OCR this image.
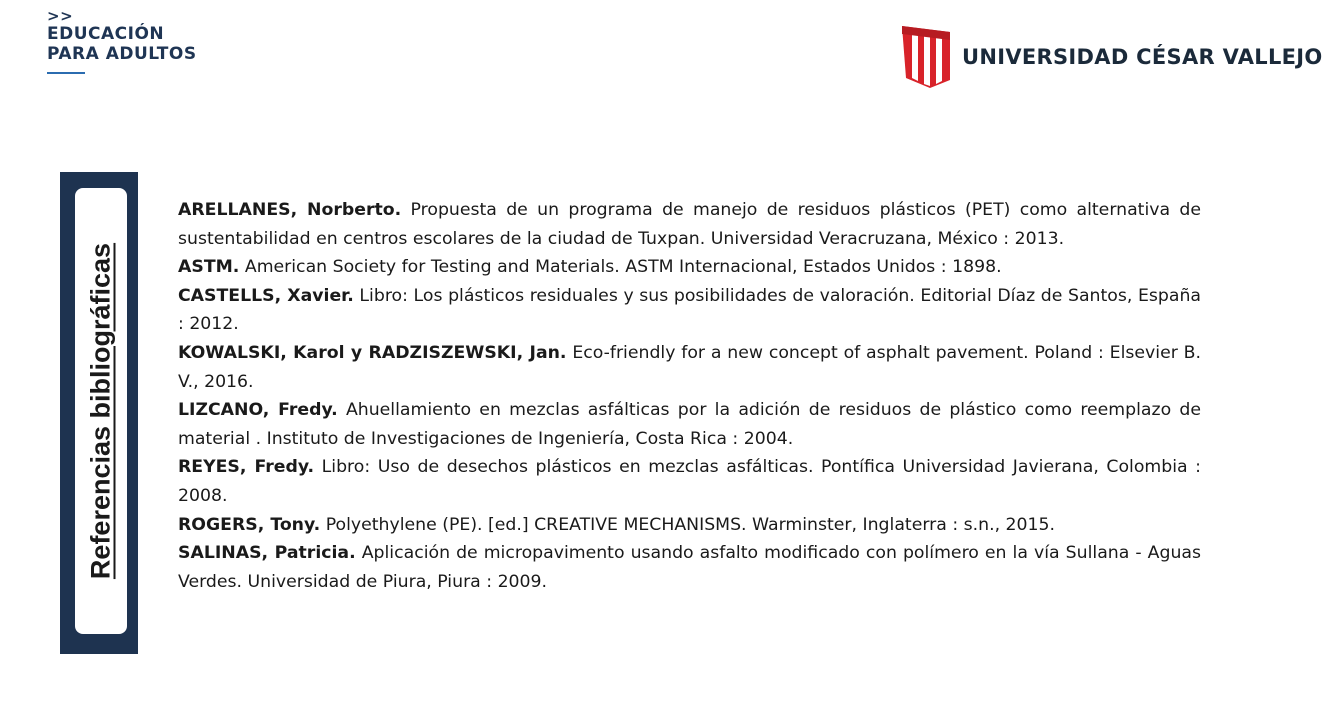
>>
EDUCACIÓN
PARA ADULTOS	UNIVERSIDAD CÉSAR VALLEJO
Referencias bibliográficas

ARELLANES, Norberto. Propuesta de un programa de manejo de residuos plásticos (PET) como alternativa de sustentabilidad en centros escolares de la ciudad de Tuxpan. Universidad Veracruzana, México : 2013.

ASTM. American Society for Testing and Materials. ASTM Internacional, Estados Unidos : 1898.

CASTELLS, Xavier. Libro: Los plásticos residuales y sus posibilidades de valoración. Editorial Díaz de Santos, España : 2012.

KOWALSKI, Karol y RADZISZEWSKI, Jan. Eco-friendly for a new concept of asphalt pavement. Poland : Elsevier B. V., 2016.

LIZCANO, Fredy. Ahuellamiento en mezclas asfálticas por la adición de residuos de plástico como reemplazo de material . Instituto de Investigaciones de Ingeniería, Costa Rica : 2004.

REYES, Fredy. Libro: Uso de desechos plásticos en mezclas asfálticas. Pontífica Universidad Javierana, Colombia : 2008.

ROGERS, Tony. Polyethylene (PE). [ed.] CREATIVE MECHANISMS. Warminster, Inglaterra : s.n., 2015.

SALINAS, Patricia. Aplicación de micropavimento usando asfalto modificado con polímero en la vía Sullana - Aguas Verdes. Universidad de Piura, Piura : 2009.
